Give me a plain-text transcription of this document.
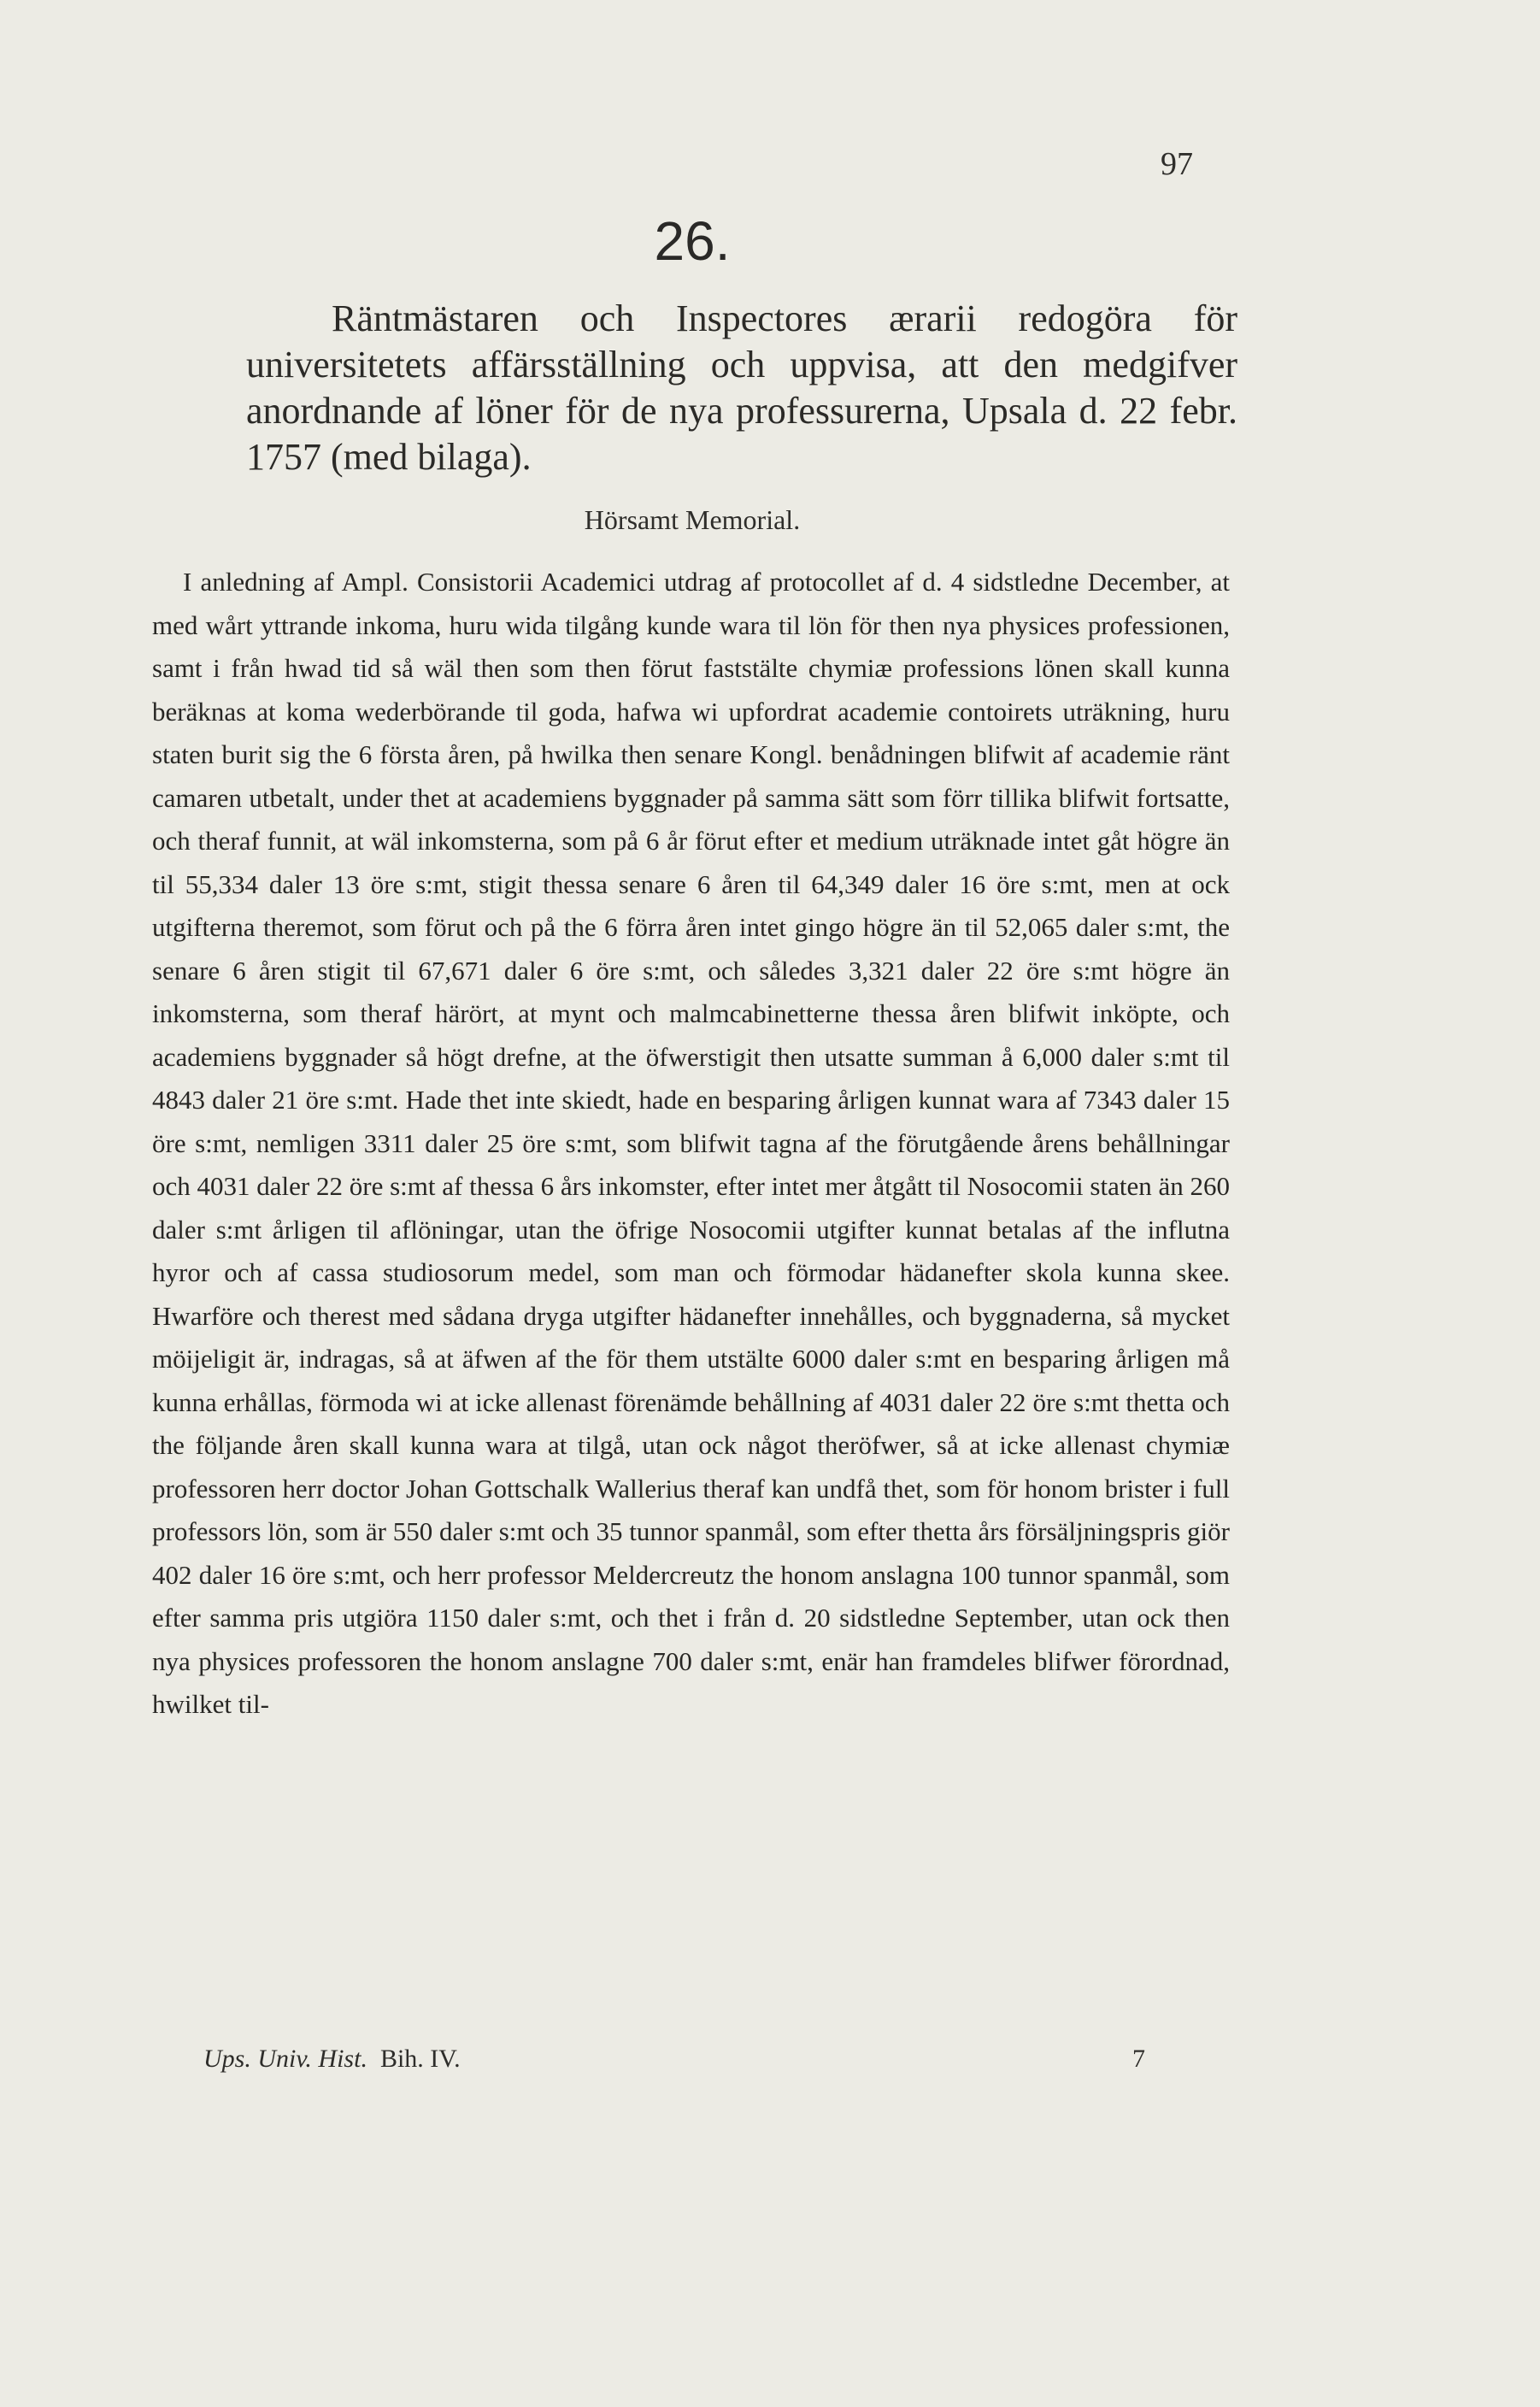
97
26.
Räntmästaren och Inspectores ærarii redogöra för universitetets affärsställning och uppvisa, att den medgifver anordnande af löner för de nya professurerna, Upsala d. 22 febr. 1757 (med bilaga).
Hörsamt Memorial.
I anledning af Ampl. Consistorii Academici utdrag af protocollet af d. 4 sidstledne December, at med wårt yttrande inkoma, huru wida tilgång kunde wara til lön för then nya physices professionen, samt i från hwad tid så wäl then som then förut faststälte chymiæ professions lönen skall kunna beräknas at koma wederbörande til goda, hafwa wi upfordrat academie contoirets uträkning, huru staten burit sig the 6 första åren, på hwilka then senare Kongl. benådningen blifwit af academie ränt camaren utbetalt, under thet at academiens byggnader på samma sätt som förr tillika blifwit fortsatte, och theraf funnit, at wäl inkomsterna, som på 6 år förut efter et medium uträknade intet gåt högre än til 55,334 daler 13 öre s:mt, stigit thessa senare 6 åren til 64,349 daler 16 öre s:mt, men at ock utgifterna theremot, som förut och på the 6 förra åren intet gingo högre än til 52,065 daler s:mt, the senare 6 åren stigit til 67,671 daler 6 öre s:mt, och således 3,321 daler 22 öre s:mt högre än inkomsterna, som theraf härört, at mynt och malmcabinetterne thessa åren blifwit inköpte, och academiens byggnader så högt drefne, at the öfwerstigit then utsatte summan å 6,000 daler s:mt til 4843 daler 21 öre s:mt. Hade thet inte skiedt, hade en besparing årligen kunnat wara af 7343 daler 15 öre s:mt, nemligen 3311 daler 25 öre s:mt, som blifwit tagna af the förutgående årens behållningar och 4031 daler 22 öre s:mt af thessa 6 års inkomster, efter intet mer åtgått til Nosocomii staten än 260 daler s:mt årligen til aflöningar, utan the öfrige Nosocomii utgifter kunnat betalas af the influtna hyror och af cassa studiosorum medel, som man och förmodar hädanefter skola kunna skee. Hwarföre och therest med sådana dryga utgifter hädanefter innehålles, och byggnaderna, så mycket möijeligit är, indragas, så at äfwen af the för them utstälte 6000 daler s:mt en besparing årligen må kunna erhållas, förmoda wi at icke allenast förenämde behållning af 4031 daler 22 öre s:mt thetta och the följande åren skall kunna wara at tilgå, utan ock något theröfwer, så at icke allenast chymiæ professoren herr doctor Johan Gottschalk Wallerius theraf kan undfå thet, som för honom brister i full professors lön, som är 550 daler s:mt och 35 tunnor spanmål, som efter thetta års försäljningspris giör 402 daler 16 öre s:mt, och herr professor Meldercreutz the honom anslagna 100 tunnor spanmål, som efter samma pris utgiöra 1150 daler s:mt, och thet i från d. 20 sidstledne September, utan ock then nya physices professoren the honom anslagne 700 daler s:mt, enär han framdeles blifwer förordnad, hwilket til-
Ups. Univ. Hist.  Bih. IV.	7
